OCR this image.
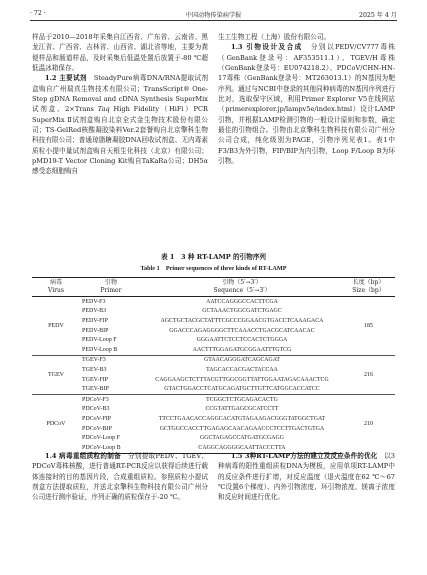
· 72 ·	中国动物传染病学报	2025 年 4 月

样品于2010—2018年采集自江西省、广东省、云南省、黑龙江省、广西省、吉林省、山西省、湖北省等地，主要为粪便样品和肠道样品，及时采集后低温处置后放置于-80 ℃超低温冰箱保存。

1.2 主要试剂　 SteadyPure病毒DNA/RNA提取试剂盒购自广州瑞真生物技术有限公司；TransScript® One-Step gDNA Removal and cDNA Synthesis SuperMix试剂盒、2×Trans Taq High Fidelity（HiFi）PCR SuperMix Ⅱ试剂盒购自北京全式金生物技术股份有限公司；TS-GelRed核酸凝胶染料Ver.2套餐购自北京擎科生物科技有限公司；普通琼脂糖凝胶DNA回收试剂盒、无内毒素质粒小提中量试剂盒购自天根生化科技（北京）有限公司；pMD19-T Vector Cloning Kit购自TaKaRa公司；DH5α感受态细胞购自

生工生物工程（上海）股份有限公司。

1.3 引物设计及合成　 分别以PEDV/CV777毒株（GenBank登录号：AF353511.1）、TGEV/H毒株（GenBank登录号：EU074218.2）、PDCoV/CHN-HN-17毒株（GenBank登录号：MT263013.1）的N基因为靶序列。通过与NCBI中登录的其他同种病毒的N基因序列进行比对，选取保守区域，利用Primer Explorer V5在线网站（primerexplorer.jp/lampv5e/index.html）设计LAMP引物，并根据LAMP检测引物的一般设计原则和参数，确定最佳的引物组合。引物由北京擎科生物科技有限公司广州分公司合成，纯化级别为PAGE，引物序列见表1。表1中F3/B3为外引物，FIP/BIP为内引物，Loop F/Loop B为环引物。

表 1　3 种 RT-LAMP 的引物序列
Table 1　Primer sequences of three kinds of RT-LAMP
病毒	引物	引物（5′→3′）	长度（bp）
Virus	Primer	Sequence（5′→3′）	Size（bp）
PEDV	PEDV-F3	AATCCAGGGCCACTTCGA	185
	PEDV-B3	GCTAAACTGGCGATCTGAGC	
	PEDV-FIP	AGCTGCTACGCTATTTCGCCCGGAACGTGACCTCAAAGACA	
	PEDV-BIP	GGACCCAGAGGGGCTTCAAACCTGACGCATCAACAC	
	PEDV-Loop F	GGGAATTCTCCTCCACTCTGGGA	
	PEDV-Loop B	AACTTTGGAGATGCGGAATTTGTCG	
TGEV	TGEV-F3	GTAACAGGGATCAGCAGAT	216
	TGEV-B3	TAGCACCACGACTACCAA	
	TGEV-FIP	CAGGAAGCTCTTTACGTTGGCGGTTATTGGAATAGACAAACTCG	
	TGEV-BIP	GTACTGGACCTCATGCAGATGCTTGTTCATGGCACCATCC	
PDCoV	PDCoV-F3	TCGGCTCTGCAGACACTG	210
	PDCoV-B3	CCGTATTGAGCGCATCCTT	
	PDCoV-FIP	TTCCTGAACACCAGGCACATGTAGAAGACGGGTATGGCTGAT	
	PDCoV-BIP	GCTGGCCACCTTGAGAGCAACAGAACCCTCCTTGACTGTGA	
	PDCoV-Loop F	GGCTAGAGCCATGATGCGAGG	
	PDCoV-Loop B	CAGGCAGGGGCAATTACCCTTA	

1.4 病毒重组质粒的制备　 分别提取PEDV、TGEV、PDCoV毒株核酸，进行普通RT-PCR反应以获得后续进行载体连接时的目的基因片段，合成重组质粒。参照质粒小提试剂盒方法提取质粒，并送北京擎科生物科技有限公司广州分公司进行测序验证，序列正确的质粒保存于-20 ℃。

1.5 3种RT-LAMP方法的建立及反应条件的优化　 以3种病毒的阳性重组质粒DNA为模板，应用单项RT-LAMP中的反应条件进行扩增，对反应温度（退火温度在62 ℃～67 ℃设置6个梯度）、内外引物浓度、环引物浓度、镁离子浓度和反应时间进行优化。
